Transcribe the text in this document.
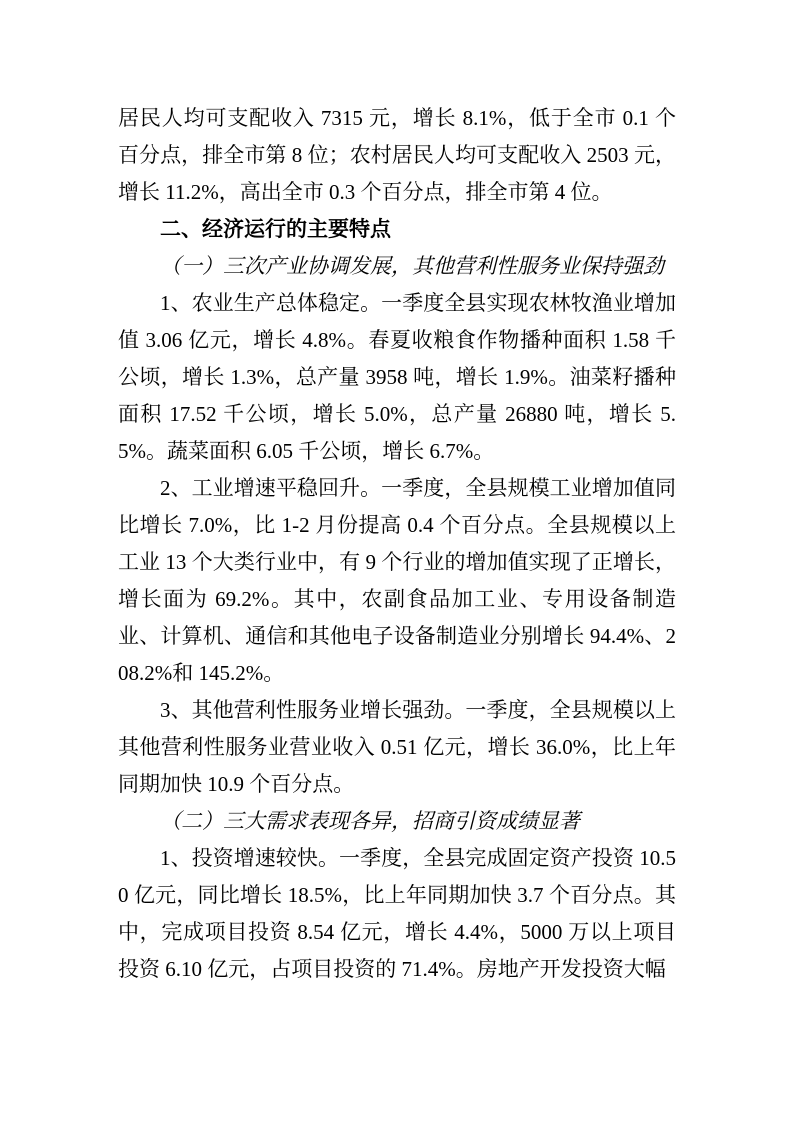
居民人均可支配收入 7315 元，增长 8.1%，低于全市 0.1 个百分点，排全市第 8 位；农村居民人均可支配收入 2503 元，增长 11.2%，高出全市 0.3 个百分点，排全市第 4 位。

二、经济运行的主要特点

（一）三次产业协调发展，其他营利性服务业保持强劲

1、农业生产总体稳定。一季度全县实现农林牧渔业增加值 3.06 亿元，增长 4.8%。春夏收粮食作物播种面积 1.58 千公顷，增长 1.3%，总产量 3958 吨，增长 1.9%。油菜籽播种面积 17.52 千公顷，增长 5.0%，总产量 26880 吨，增长 5.5%。蔬菜面积 6.05 千公顷，增长 6.7%。

2、工业增速平稳回升。一季度，全县规模工业增加值同比增长 7.0%，比 1-2 月份提高 0.4 个百分点。全县规模以上工业 13 个大类行业中，有 9 个行业的增加值实现了正增长，增长面为 69.2%。其中，农副食品加工业、专用设备制造业、计算机、通信和其他电子设备制造业分别增长 94.4%、208.2%和 145.2%。

3、其他营利性服务业增长强劲。一季度，全县规模以上其他营利性服务业营业收入 0.51 亿元，增长 36.0%，比上年同期加快 10.9 个百分点。

（二）三大需求表现各异，招商引资成绩显著

1、投资增速较快。一季度，全县完成固定资产投资 10.50 亿元，同比增长 18.5%，比上年同期加快 3.7 个百分点。其中，完成项目投资 8.54 亿元，增长 4.4%，5000 万以上项目投资 6.10 亿元，占项目投资的 71.4%。房地产开发投资大幅
